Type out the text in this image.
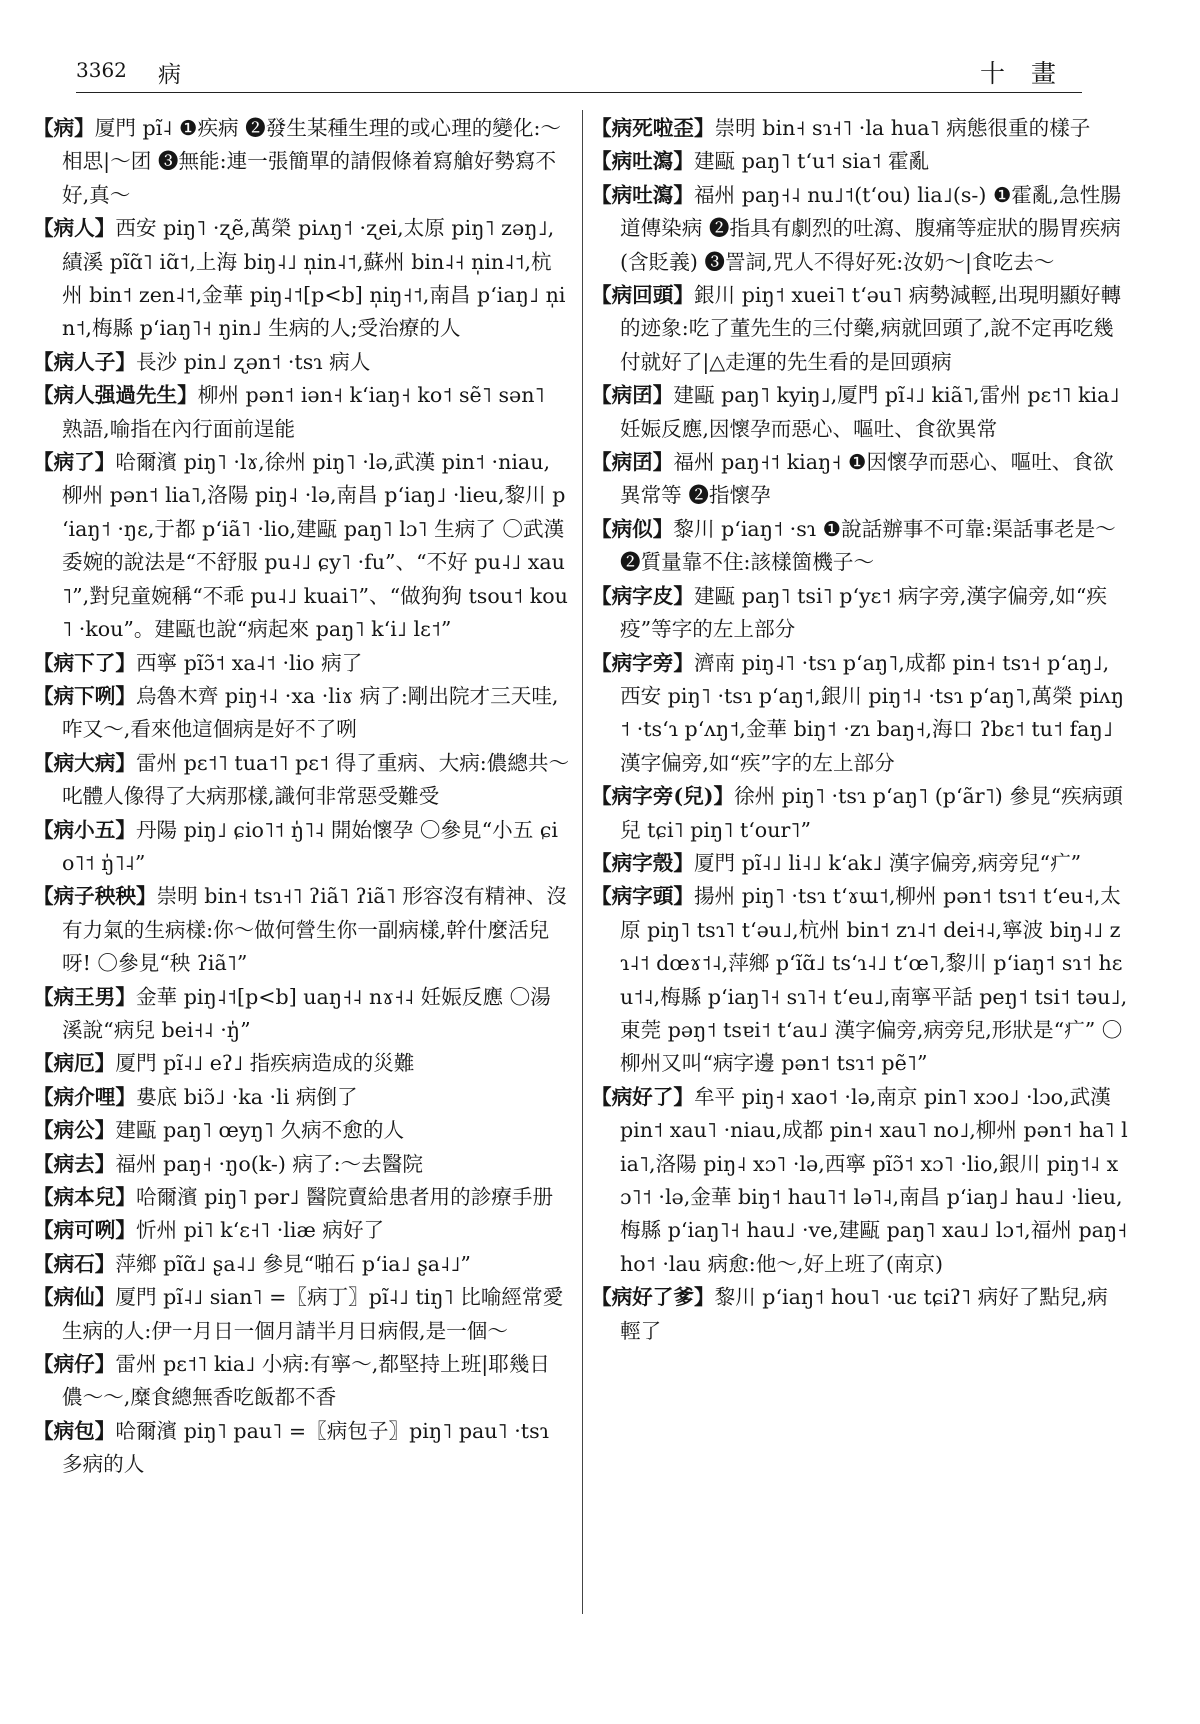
3362 病	十畫

【病】厦門 pĩ˨ ❶疾病 ❷發生某種生理的或心理的變化:～相思|～团 ❸無能:連一張簡單的請假條着寫艙好勢寫不好,真～

【病人】西安 piŋ˥ ·ʐẽ,萬榮 piʌŋ˦ ·ʐei,太原 piŋ˥ zəŋ˩,績溪 pĩɑ̃˥ iɑ̃˦,上海 biŋ˨˩ n̩in˨˦,蘇州 bin˨˧ n̩in˨˦,杭州 bin˦ zen˨˦,金華 piŋ˨˦[p<b] n̩iŋ˧˦,南昌 pʻiaŋ˩ n̩in˦,梅縣 pʻiaŋ˥˧ ŋin˩ 生病的人;受治療的人

【病人子】長沙 pin˩ ʐən˦ ·tsɿ 病人

【病人强過先生】柳州 pən˦ iən˧ kʻiaŋ˧ ko˦ sẽ˥ sən˥ 熟語,喻指在內行面前逞能

【病了】哈爾濱 piŋ˥ ·lɤ,徐州 piŋ˥ ·lə,武漢 pin˦ ·niau,柳州 pən˦ lia˥,洛陽 piŋ˨ ·lə,南昌 pʻiaŋ˩ ·lieu,黎川 pʻiaŋ˦ ·ŋɛ,于都 pʻiã˥ ·lio,建甌 paŋ˥ lɔ˥ 生病了 〇武漢委婉的說法是“不舒服 pu˨˩ ɕy˥ ·fu”、“不好 pu˨˩ xau˥”,對兒童婉稱“不乖 pu˨˩ kuai˥”、“做狗狗 tsou˦ kou˥ ·kou”。建甌也說“病起來 paŋ˥ kʻi˩ lɛ˦”

【病下了】西寧 pĩɔ̃˦ xa˨˦ ·lio 病了

【病下咧】烏魯木齊 piŋ˧˨ ·xa ·liɤ 病了:剛出院才三天哇,咋又～,看來他這個病是好不了咧

【病大病】雷州 pɛ˦˥ tua˦˥ pɛ˦ 得了重病、大病:儂總共～叱體人像得了大病那樣,識何非常惡受難受

【病小五】丹陽 piŋ˩ ɕio˥˦ ŋ̍˥˨ 開始懷孕 〇參見“小五 ɕio˥˦ ŋ̍˥˨”

【病子秧秧】崇明 bin˧ tsɿ˧˥ ʔiã˥ ʔiã˥ 形容沒有精神、沒有力氣的生病樣:你～做何營生你一副病樣,幹什麼活兒呀! 〇參見“秧 ʔiã˥”

【病王男】金華 piŋ˨˦[p<b] uaŋ˧˨ nɤ˧˨ 妊娠反應 〇湯溪說“病兒 bei˧˨ ·ŋ̍”

【病厄】厦門 pĩ˨˩ eʔ˩ 指疾病造成的災難

【病介哩】婁底 biɔ̃˩ ·ka ·li 病倒了

【病公】建甌 paŋ˥ œyŋ˥ 久病不愈的人

【病去】福州 paŋ˧ ·ŋo(k-) 病了:～去醫院

【病本兒】哈爾濱 piŋ˥ pər˩ 醫院賣給患者用的診療手册

【病可咧】忻州 pi˥ kʻɛ˧˥ ·liæ 病好了

【病石】萍鄉 pĩɑ̃˩ ʂa˨˩ 參見“啪石 pʻia˩ ʂa˨˩”

【病仙】厦門 pĩ˨˩ sian˥ =〖病丁〗pĩ˨˩ tiŋ˥ 比喻經常愛生病的人:伊一月日一個月請半月日病假,是一個～

【病仔】雷州 pɛ˦˥ kia˩ 小病:有寧～,都堅持上班|耶幾日儂～～,糜食總無香吃飯都不香

【病包】哈爾濱 piŋ˥ pau˥ =〖病包子〗piŋ˥ pau˥ ·tsɿ 多病的人

【病死啦歪】崇明 bin˧ sɿ˧˥ ·la hua˥ 病態很重的樣子

【病吐瀉】建甌 paŋ˥ tʻu˦ sia˦ 霍亂

【病吐瀉】福州 paŋ˧˨ nu˩˦(tʻou) lia˩(s-) ❶霍亂,急性腸道傳染病 ❷指具有劇烈的吐瀉、腹痛等症狀的腸胃疾病(含貶義) ❸詈詞,咒人不得好死:汝奶～|食吃去～

【病回頭】銀川 piŋ˦ xuei˥ tʻəu˥ 病勢減輕,出現明顯好轉的迹象:吃了董先生的三付藥,病就回頭了,說不定再吃幾付就好了|△走運的先生看的是回頭病

【病囝】建甌 paŋ˥ kyiŋ˩,厦門 pĩ˨˩ kiã˥,雷州 pɛ˦˥ kia˩ 妊娠反應,因懷孕而惡心、嘔吐、食欲異常

【病囝】福州 paŋ˧˦ kiaŋ˧ ❶因懷孕而惡心、嘔吐、食欲異常等 ❷指懷孕

【病似】黎川 pʻiaŋ˦ ·sɿ ❶說話辦事不可靠:渠話事老是～ ❷質量靠不住:該樣箇機子～

【病字皮】建甌 paŋ˥ tsi˥ pʻyɛ˦ 病字旁,漢字偏旁,如“疾疫”等字的左上部分

【病字旁】濟南 piŋ˨˥ ·tsɿ pʻaŋ˥,成都 pin˧ tsɿ˧ pʻaŋ˩,西安 piŋ˥ ·tsɿ pʻaŋ˦,銀川 piŋ˦˨ ·tsɿ pʻaŋ˥,萬榮 piʌŋ˦ ·tsʻɿ pʻʌŋ˦,金華 biŋ˦ ·zɿ baŋ˧,海口 ʔbɛ˦ tu˦ faŋ˩ 漢字偏旁,如“疾”字的左上部分

【病字旁(兒)】徐州 piŋ˥ ·tsɿ pʻaŋ˥ (pʻãr˥) 參見“疾病頭兒 tɕi˥ piŋ˥ tʻour˥”

【病字殼】厦門 pĩ˨˩ li˨˩ kʻak˩ 漢字偏旁,病旁兒“疒”

【病字頭】揚州 piŋ˥ ·tsɿ tʻɤɯ˦,柳州 pən˦ tsɿ˦ tʻeu˧,太原 piŋ˥ tsɿ˥ tʻəu˩,杭州 bin˦ zɿ˨˦ dei˧˨,寧波 biŋ˨˩ zɿ˨˦ dœɤ˦˨,萍鄉 pʻĩɑ̃˩ tsʻɿ˨˩ tʻœ˥,黎川 pʻiaŋ˦ sɿ˦ hɛu˦˨,梅縣 pʻiaŋ˥˧ sɿ˥˧ tʻeu˩,南寧平話 peŋ˦ tsi˦ təu˩,東莞 pəŋ˦ tsɐi˦ tʻau˩ 漢字偏旁,病旁兒,形狀是“疒” 〇柳州又叫“病字邊 pən˦ tsɿ˦ pẽ˥”

【病好了】牟平 piŋ˧ xao˦ ·lə,南京 pin˥ xɔo˩ ·lɔo,武漢 pin˦ xau˥ ·niau,成都 pin˧ xau˥ no˩,柳州 pən˦ ha˥ lia˥,洛陽 piŋ˨ xɔ˥ ·lə,西寧 pĩɔ̃˦ xɔ˥ ·lio,銀川 piŋ˦˨ xɔ˥˦ ·lə,金華 biŋ˦ hau˥˦ lə˥˨,南昌 pʻiaŋ˩ hau˩ ·lieu,梅縣 pʻiaŋ˥˧ hau˩ ·ve,建甌 paŋ˥ xau˩ lɔ˦,福州 paŋ˧ ho˦ ·lau 病愈:他～,好上班了(南京)

【病好了爹】黎川 pʻiaŋ˦ hou˥ ·uɛ tɕiʔ˥ 病好了點兒,病輕了
